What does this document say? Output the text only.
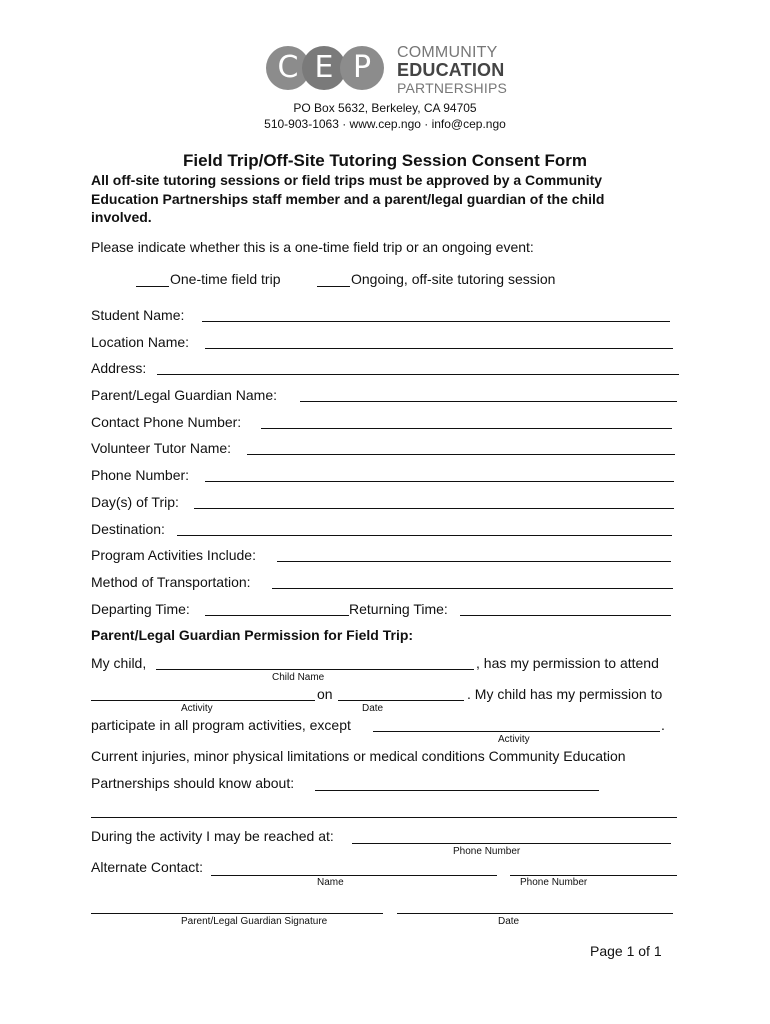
C E P	COMMUNITY
EDUCATION
PARTNERSHIPS
PO Box 5632, Berkeley, CA 94705
510-903-1063 · www.cep.ngo · info@cep.ngo
Field Trip/Off-Site Tutoring Session Consent Form
All off-site tutoring sessions or field trips must be approved by a Community
Education Partnerships staff member and a parent/legal guardian of the child
involved.
Please indicate whether this is a one-time field trip or an ongoing event:
One-time field trip	Ongoing, off-site tutoring session
Student Name:
Location Name:
Address:
Parent/Legal Guardian Name:
Contact Phone Number:
Volunteer Tutor Name:
Phone Number:
Day(s) of Trip:
Destination:
Program Activities Include:
Method of Transportation:
Departing Time:	Returning Time:
Parent/Legal Guardian Permission for Field Trip:
My child,	, has my permission to attend
Child Name
on	. My child has my permission to
Activity	Date
participate in all program activities, except	.
Activity
Current injuries, minor physical limitations or medical conditions Community Education
Partnerships should know about:
During the activity I may be reached at:
Phone Number
Alternate Contact:
Name	Phone Number
Parent/Legal Guardian Signature	Date
Page 1 of 1
